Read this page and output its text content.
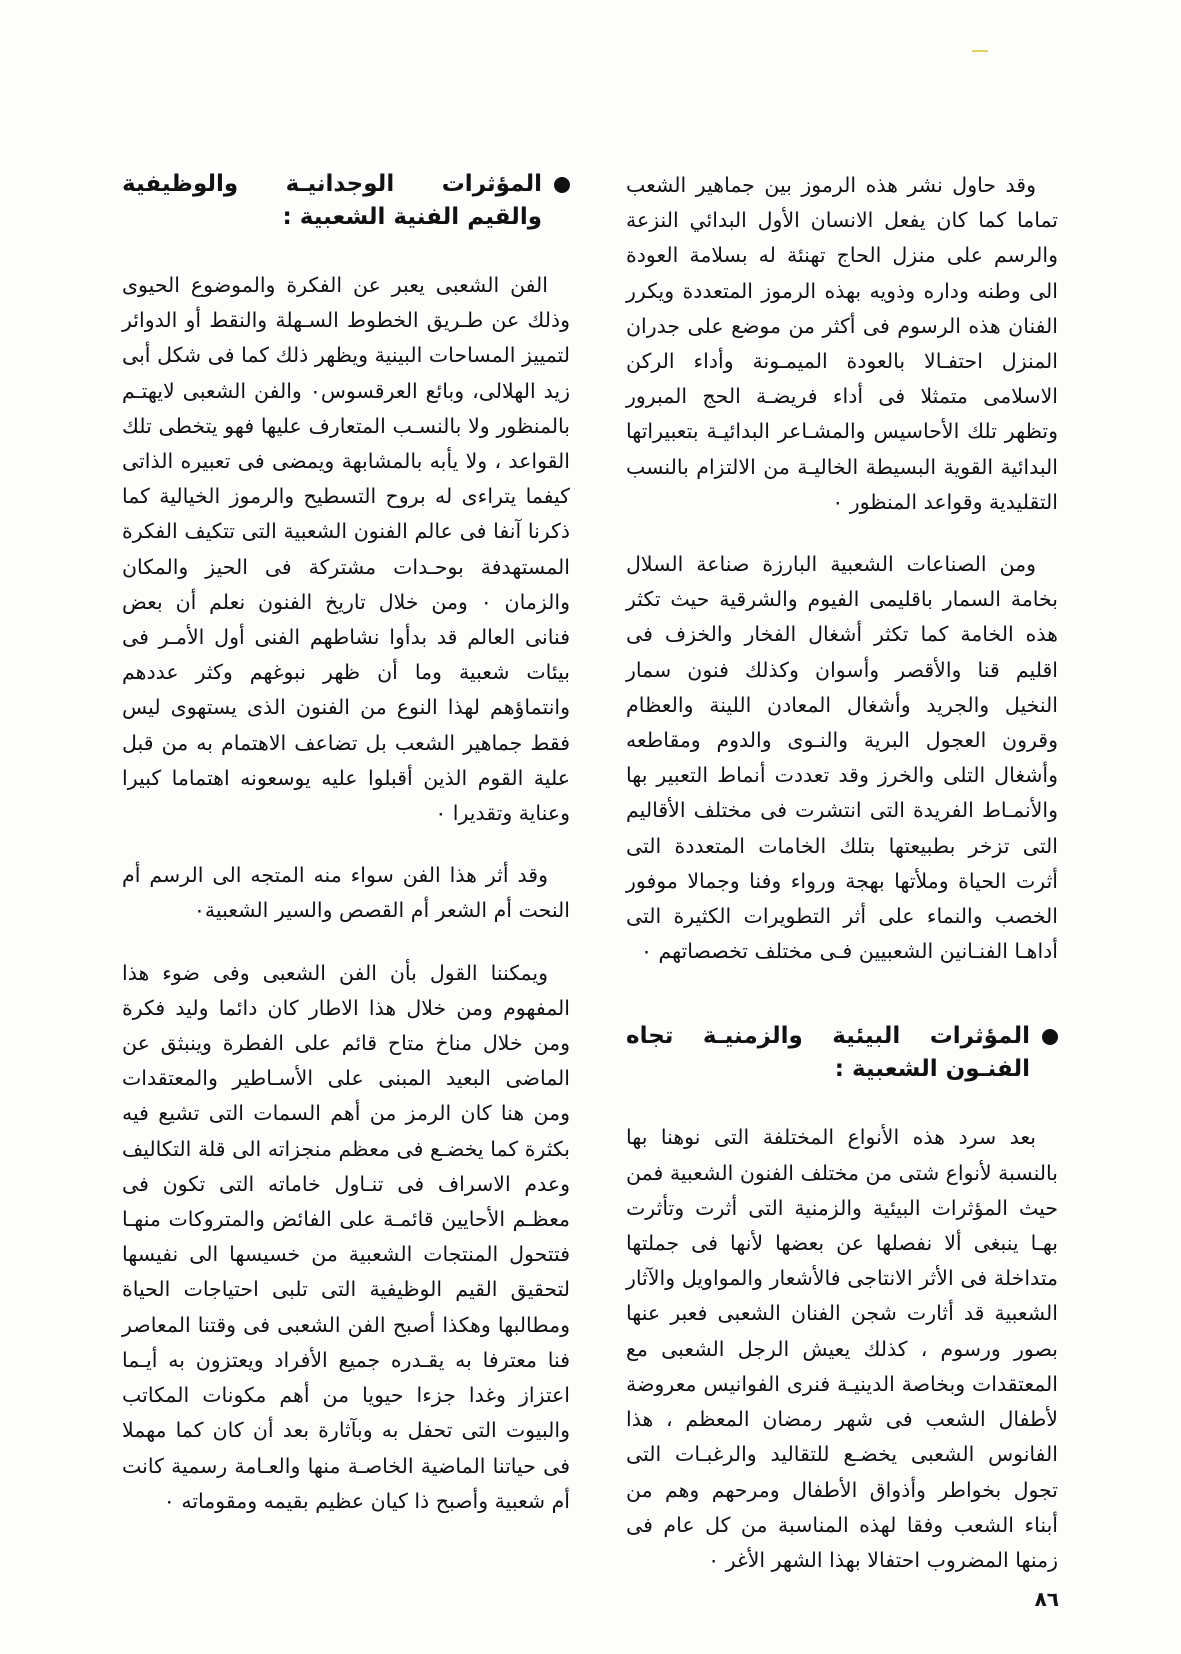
وقد حاول نشر هذه الرموز بين جماهير الشعب تماما كما كان يفعل الانسان الأول البدائي النزعة والرسم على منزل الحاج تهنئة له بسلامة العودة الى وطنه وداره وذويه بهذه الرموز المتعددة ويكرر الفنان هذه الرسوم فى أكثر من موضع على جدران المنزل احتفـالا بالعودة الميمـونة وأداء الركن الاسلامى متمثلا فى أداء فريضـة الحج المبرور وتظهر تلك الأحاسيس والمشـاعر البدائيـة بتعبيراتها البدائية القوية البسيطة الخاليـة من الالتزام بالنسب التقليدية وقواعد المنظور ٠

ومن الصناعات الشعبية البارزة صناعة السلال بخامة السمار باقليمى الفيوم والشرقية حيث تكثر هذه الخامة كما تكثر أشغال الفخار والخزف فى اقليم قنا والأقصر وأسوان وكذلك فنون سمار النخيل والجريد وأشغال المعادن اللينة والعظام وقرون العجول البرية والنـوى والدوم ومقاطعه وأشغال التلى والخرز وقد تعددت أنماط التعبير بها والأنمـاط الفريدة التى انتشرت فى مختلف الأقاليم التى تزخر بطبيعتها بتلك الخامات المتعددة التى أثرت الحياة وملأتها بهجة ورواء وفنا وجمالا موفور الخصب والنماء على أثر التطويرات الكثيرة التى أداهـا الفنـانين الشعبيين فـى مختلف تخصصاتهم ٠

المؤثرات البيئية والزمنيـة تجاه الفنـون الشعبية :

بعد سرد هذه الأنواع المختلفة التى نوهنا بها بالنسبة لأنواع شتى من مختلف الفنون الشعبية فمن حيث المؤثرات البيئية والزمنية التى أثرت وتأثرت بهـا ينبغى ألا نفصلها عن بعضها لأنها فى جملتها متداخلة فى الأثر الانتاجى فالأشعار والمواويل والآثار الشعبية قد أثارت شجن الفنان الشعبى فعبر عنها بصور ورسوم ، كذلك يعيش الرجل الشعبى مع المعتقدات وبخاصة الدينيـة فنرى الفوانيس معروضة لأطفال الشعب فى شهر رمضان المعظم ، هذا الفانوس الشعبى يخضـع للتقاليد والرغبـات التى تجول بخواطر وأذواق الأطفال ومرحهم وهم من أبناء الشعب وفقا لهذه المناسبة من كل عام فى زمنها المضروب احتفالا بهذا الشهر الأغر ٠

المؤثرات الوجدانيـة والوظيفية والقيم الفنية الشعبية :

الفن الشعبى يعبر عن الفكرة والموضوع الحيوى وذلك عن طـريق الخطوط السـهلة والنقط أو الدوائر لتمييز المساحات البينية ويظهر ذلك كما فى شكل أبى زيد الهلالى، وبائع العرقسوس٠ والفن الشعبى لايهتـم بالمنظور ولا بالنسـب المتعارف عليها فهو يتخطى تلك القواعد ، ولا يأبه بالمشابهة ويمضى فى تعبيره الذاتى كيفما يتراءى له بروح التسطيح والرموز الخيالية كما ذكرنا آنفا فى عالم الفنون الشعبية التى تتكيف الفكرة المستهدفة بوحـدات مشتركة فى الحيز والمكان والزمان ٠ ومن خلال تاريخ الفنون نعلم أن بعض فنانى العالم قد بدأوا نشاطهم الفنى أول الأمـر فى بيئات شعبية وما أن ظهر نبوغهم وكثر عددهم وانتماؤهم لهذا النوع من الفنون الذى يستهوى ليس فقط جماهير الشعب بل تضاعف الاهتمام به من قبل علية القوم الذين أقبلوا عليه يوسعونه اهتماما كبيرا وعناية وتقديرا ٠

وقد أثر هذا الفن سواء منه المتجه الى الرسم أم النحت أم الشعر أم القصص والسير الشعبية٠

ويمكننا القول بأن الفن الشعبى وفى ضوء هذا المفهوم ومن خلال هذا الاطار كان دائما وليد فكرة ومن خلال مناخ متاح قائم على الفطرة وينبثق عن الماضى البعيد المبنى على الأسـاطير والمعتقدات ومن هنا كان الرمز من أهم السمات التى تشيع فيه بكثرة كما يخضـع فى معظم منجزاته الى قلة التكاليف وعدم الاسراف فى تنـاول خاماته التى تكون فى معظـم الأحايين قائمـة على الفائض والمتروكات منهـا فتتحول المنتجات الشعبية من خسيسها الى نفيسها لتحقيق القيم الوظيفية التى تلبى احتياجات الحياة ومطالبها وهكذا أصبح الفن الشعبى فى وقتنا المعاصر فنا معترفا به يقـدره جميع الأفراد ويعتزون به أيـما اعتزاز وغدا جزءا حيويا من أهم مكونات المكاتب والبيوت التى تحفل به وبآثارة بعد أن كان كما مهملا فى حياتنا الماضية الخاصـة منها والعـامة رسمية كانت أم شعبية وأصبح ذا كيان عظيم بقيمه ومقوماته ٠

٨٦
